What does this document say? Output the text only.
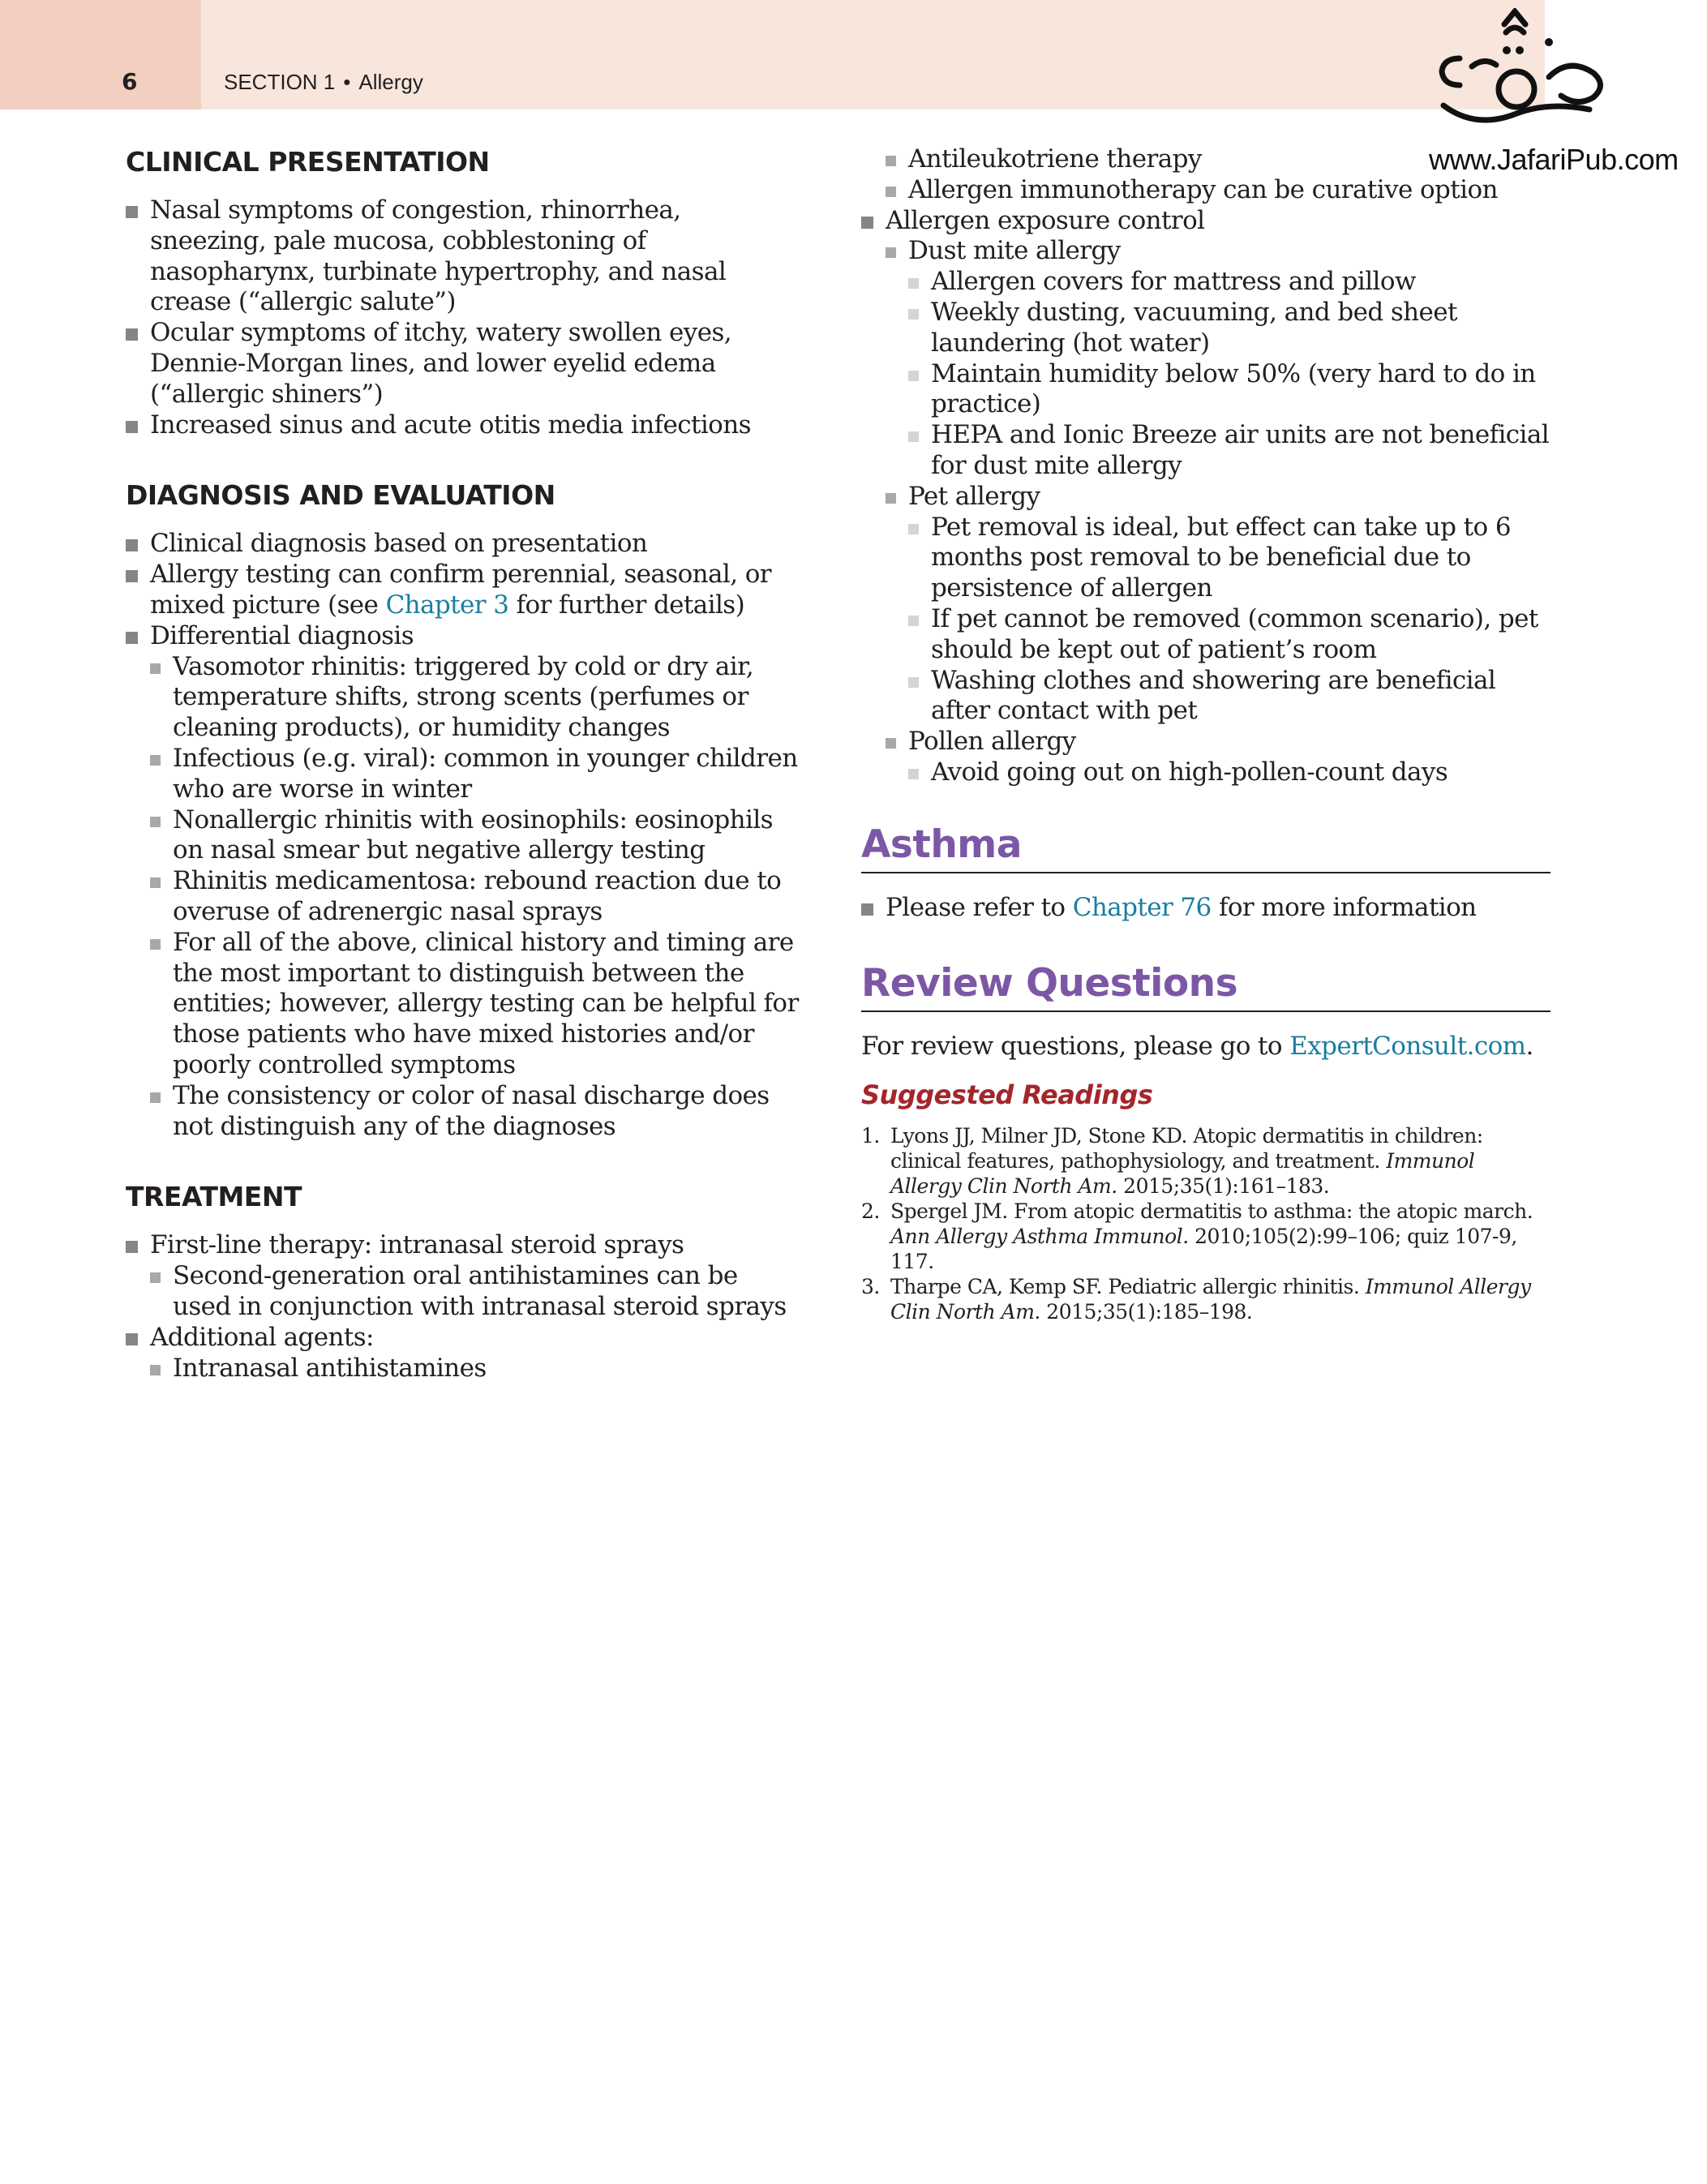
6	SECTION 1 • Allergy
www.JafariPub.com
CLINICAL PRESENTATION
Nasal symptoms of congestion, rhinorrhea, sneezing, pale mucosa, cobblestoning of nasopharynx, turbinate hypertrophy, and nasal crease (“allergic salute”)
Ocular symptoms of itchy, watery swollen eyes, Dennie-Morgan lines, and lower eyelid edema (“allergic shiners”)
Increased sinus and acute otitis media infections
DIAGNOSIS AND EVALUATION
Clinical diagnosis based on presentation
Allergy testing can confirm perennial, seasonal, or mixed picture (see Chapter 3 for further details)
Differential diagnosis
Vasomotor rhinitis: triggered by cold or dry air, temperature shifts, strong scents (perfumes or cleaning products), or humidity changes
Infectious (e.g. viral): common in younger children who are worse in winter
Nonallergic rhinitis with eosinophils: eosinophils on nasal smear but negative allergy testing
Rhinitis medicamentosa: rebound reaction due to overuse of adrenergic nasal sprays
For all of the above, clinical history and timing are the most important to distinguish between the entities; however, allergy testing can be helpful for those patients who have mixed histories and/or poorly controlled symptoms
The consistency or color of nasal discharge does not distinguish any of the diagnoses
TREATMENT
First-line therapy: intranasal steroid sprays
Second-generation oral antihistamines can be used in conjunction with intranasal steroid sprays
Additional agents:
Intranasal antihistamines
Antileukotriene therapy
Allergen immunotherapy can be curative option
Allergen exposure control
Dust mite allergy
Allergen covers for mattress and pillow
Weekly dusting, vacuuming, and bed sheet laundering (hot water)
Maintain humidity below 50% (very hard to do in practice)
HEPA and Ionic Breeze air units are not beneficial for dust mite allergy
Pet allergy
Pet removal is ideal, but effect can take up to 6 months post removal to be beneficial due to persistence of allergen
If pet cannot be removed (common scenario), pet should be kept out of patient’s room
Washing clothes and showering are beneficial after contact with pet
Pollen allergy
Avoid going out on high-pollen-count days
Asthma
Please refer to Chapter 76 for more information
Review Questions

For review questions, please go to ExpertConsult.com.

Suggested Readings
1. Lyons JJ, Milner JD, Stone KD. Atopic dermatitis in children: clinical features, pathophysiology, and treatment. Immunol Allergy Clin North Am. 2015;35(1):161–183.
2. Spergel JM. From atopic dermatitis to asthma: the atopic march. Ann Allergy Asthma Immunol. 2010;105(2):99–106; quiz 107-9, 117.
3. Tharpe CA, Kemp SF. Pediatric allergic rhinitis. Immunol Allergy Clin North Am. 2015;35(1):185–198.
